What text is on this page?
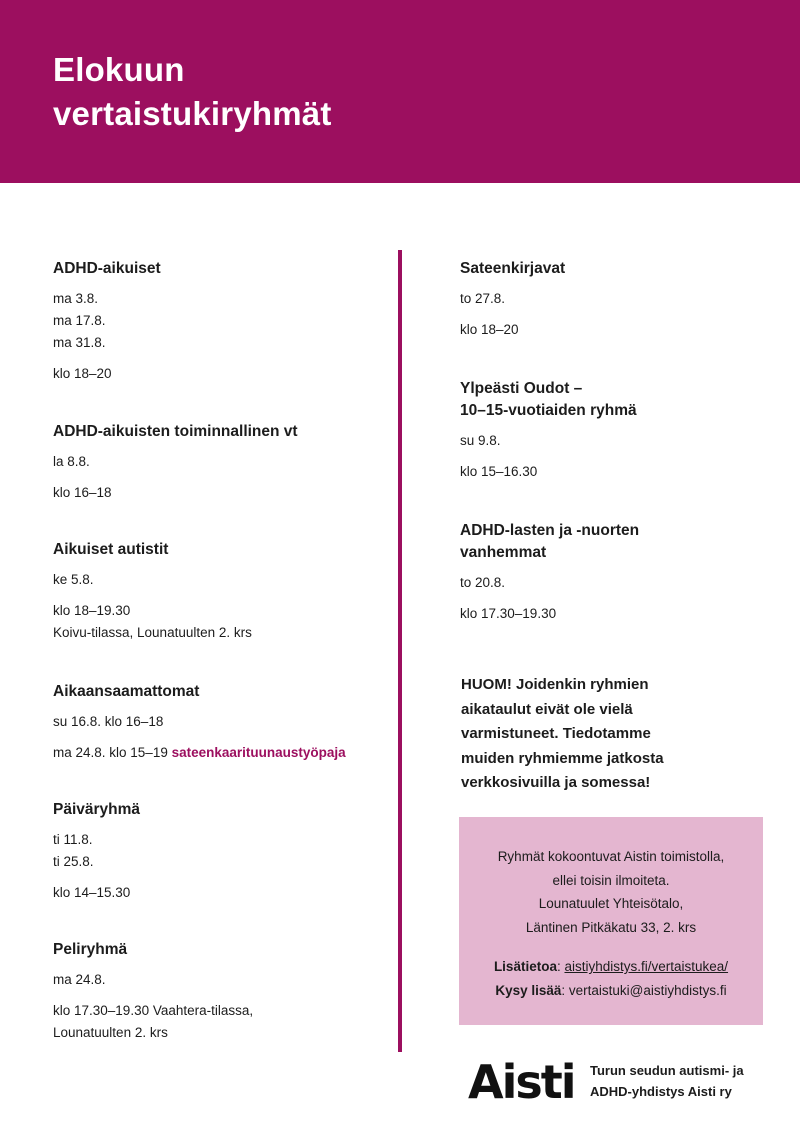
Elokuun
vertaistukiryhmät
ADHD-aikuiset
ma 3.8.
ma 17.8.
ma 31.8.
klo 18–20
ADHD-aikuisten toiminnallinen vt
la 8.8.
klo 16–18
Aikuiset autistit
ke 5.8.
klo 18–19.30
Koivu-tilassa, Lounatuulten 2. krs
Aikaansaamattomat
su 16.8. klo 16–18
ma 24.8. klo 15–19 sateenkaarituunaustyöpaja
Päiväryhmä
ti 11.8.
ti 25.8.
klo 14–15.30
Peliryhmä
ma 24.8.
klo 17.30–19.30 Vaahtera-tilassa,
Lounatuulten 2. krs
Sateenkirjavat
to 27.8.
klo 18–20
Ylpeästi Oudot –
10–15-vuotiaiden ryhmä
su 9.8.
klo 15–16.30
ADHD-lasten ja -nuorten
vanhemmat
to 20.8.
klo 17.30–19.30
HUOM! Joidenkin ryhmien
aikataulut eivät ole vielä
varmistuneet. Tiedotamme
muiden ryhmiemme jatkosta
verkkosivuilla ja somessa!
Ryhmät kokoontuvat Aistin toimistolla,
ellei toisin ilmoiteta.
Lounatuulet Yhteisötalo,
Läntinen Pitkäkatu 33, 2. krs
Lisätietoa: aistiyhdistys.fi/vertaistukea/
Kysy lisää: vertaistuki@aistiyhdistys.fi
Aisti Turun seudun autismi- ja
ADHD-yhdistys Aisti ry
